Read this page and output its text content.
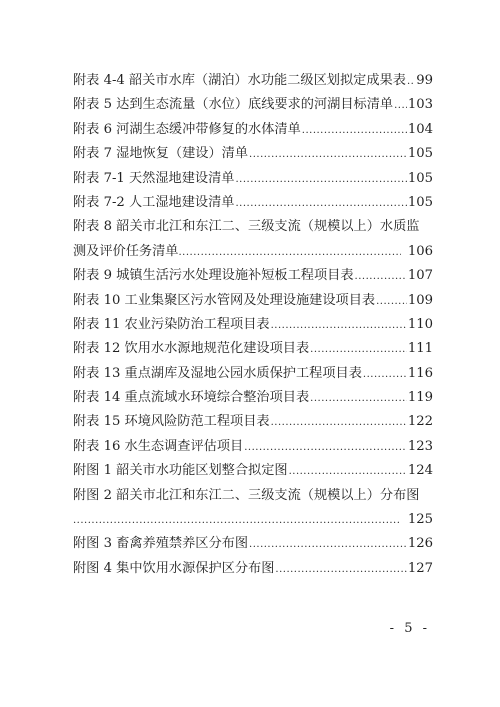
附表 4-4 韶关市水库（湖泊）水功能二级区划拟定成果表 ..... 99
附表 5 达到生态流量（水位）底线要求的河湖目标清单 ..... 103
附表 6 河湖生态缓冲带修复的水体清单 .....	104
附表 7 湿地恢复（建设）清单 .....	105
附表 7-1 天然湿地建设清单 .....	105
附表 7-2 人工湿地建设清单 .....	105
附表 8 韶关市北江和东江二、三级支流（规模以上）水质监
测及评价任务清单 .....	106
附表 9 城镇生活污水处理设施补短板工程项目表 .....	107
附表 10 工业集聚区污水管网及处理设施建设项目表 ..... 109
附表 11 农业污染防治工程项目表 .....	110
附表 12 饮用水水源地规范化建设项目表 .....	111
附表 13 重点湖库及湿地公园水质保护工程项目表 .....	116
附表 14 重点流域水环境综合整治项目表 .....	119
附表 15 环境风险防范工程项目表 .....	122
附表 16 水生态调查评估项目 .....	123
附图 1 韶关市水功能区划整合拟定图 .....	124
附图 2 韶关市北江和东江二、三级支流（规模以上）分布图
.....
125
附图 3 畜禽养殖禁养区分布图 .....	126
附图 4 集中饮用水源保护区分布图 .....	127
- 5 -
